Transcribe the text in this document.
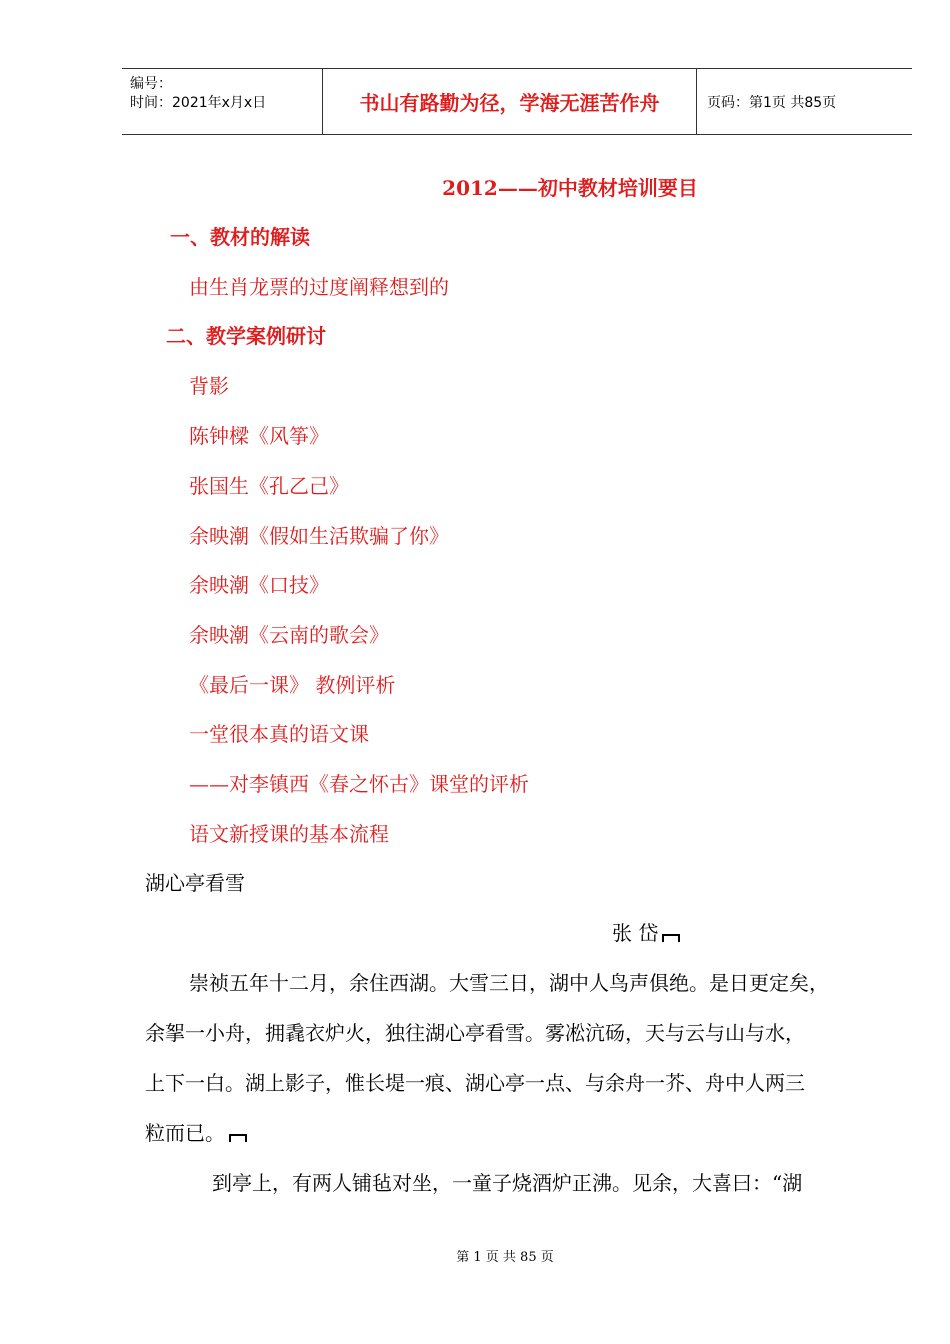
编号：
时间：2021年x月x日	书山有路勤为径，学海无涯苦作舟	页码：第1页 共85页
2012——初中教材培训要目
一、教材的解读
由生肖龙票的过度阐释想到的
二、教学案例研讨
背影
陈钟樑《风筝》
张国生《孔乙己》
余映潮《假如生活欺骗了你》
余映潮《口技》
余映潮《云南的歌会》
《最后一课》 教例评析
一堂很本真的语文课
——对李镇西《春之怀古》课堂的评析
语文新授课的基本流程
湖心亭看雪
张 岱
崇祯五年十二月，余住西湖。大雪三日，湖中人鸟声俱绝。是日更定矣，
余挐一小舟，拥毳衣炉火，独往湖心亭看雪。雾凇沆砀，天与云与山与水，
上下一白。湖上影子，惟长堤一痕、湖心亭一点、与余舟一芥、舟中人两三
粒而已。
到亭上，有两人铺毡对坐，一童子烧酒炉正沸。见余，大喜曰：“湖
第 1 页 共 85 页
